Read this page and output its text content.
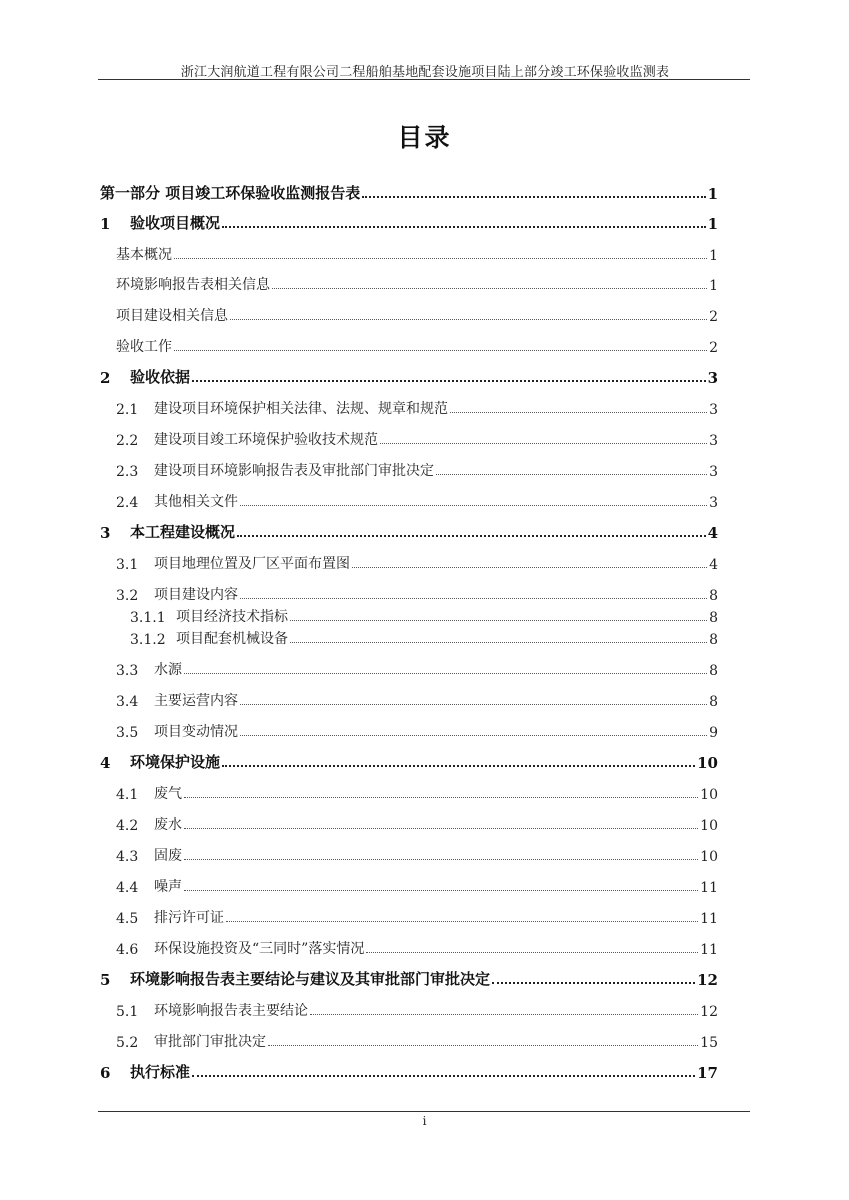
浙江大润航道工程有限公司二程船舶基地配套设施项目陆上部分竣工环保验收监测表
目录
第一部分 项目竣工环保验收监测报告表	1
1	验收项目概况	1
基本概况	1
环境影响报告表相关信息	1
项目建设相关信息	2
验收工作	2
2	验收依据	3
2.1	建设项目环境保护相关法律、法规、规章和规范	3
2.2	建设项目竣工环境保护验收技术规范	3
2.3	建设项目环境影响报告表及审批部门审批决定	3
2.4	其他相关文件	3
3	本工程建设概况	4
3.1	项目地理位置及厂区平面布置图	4
3.2	项目建设内容	8
3.1.1 项目经济技术指标	8
3.1.2 项目配套机械设备	8
3.3	水源	8
3.4	主要运营内容	8
3.5	项目变动情况	9
4	环境保护设施	10
4.1	废气	10
4.2	废水	10
4.3	固废	10
4.4	噪声	11
4.5	排污许可证	11
4.6	环保设施投资及“三同时”落实情况	11
5	环境影响报告表主要结论与建议及其审批部门审批决定	12
5.1	环境影响报告表主要结论	12
5.2	审批部门审批决定	15
6	执行标准	17
i
